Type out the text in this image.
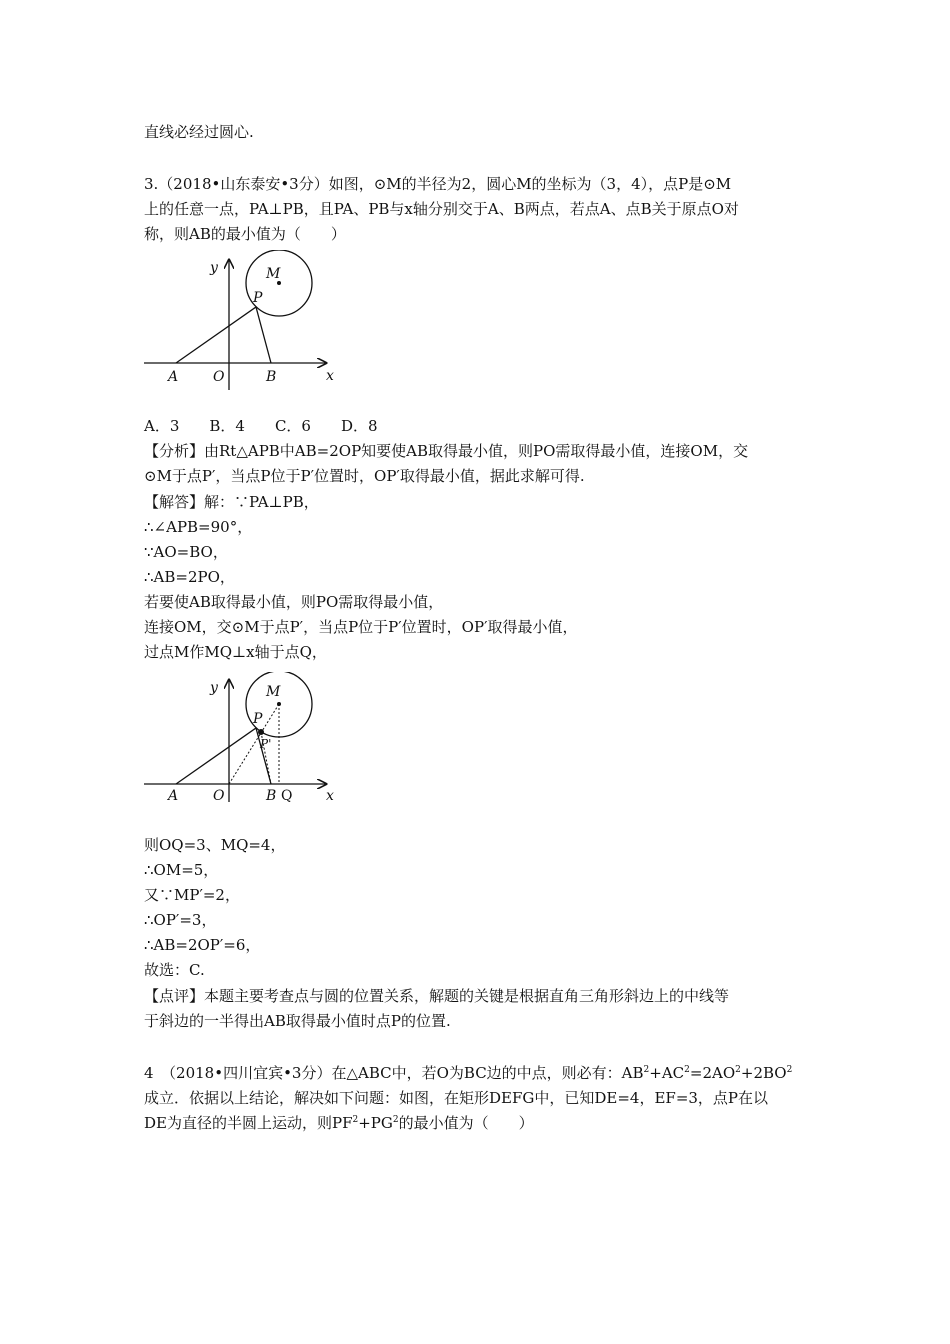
直线必经过圆心.
3.（2018•山东泰安•3分）如图，⊙M的半径为2，圆心M的坐标为（3，4），点P是⊙M
上的任意一点，PA⊥PB，且PA、PB与x轴分别交于A、B两点，若点A、点B关于原点O对
称，则AB的最小值为（　　）
y
x
M
P
A O	B
A．3　　B．4　　C．6　　D．8
【分析】由Rt△APB中AB=2OP知要使AB取得最小值，则PO需取得最小值，连接OM，交
⊙M于点P′，当点P位于P′位置时，OP′取得最小值，据此求解可得.
【解答】解：∵PA⊥PB，
∴∠APB=90°，
∵AO=BO，
∴AB=2PO，
若要使AB取得最小值，则PO需取得最小值，
连接OM，交⊙M于点P′，当点P位于P′位置时，OP′取得最小值，
过点M作MQ⊥x轴于点Q，
y
x
M
P
P'
A O	B Q
则OQ=3、MQ=4，
∴OM=5，
又∵MP′=2，
∴OP′=3，
∴AB=2OP′=6，
故选：C.
【点评】本题主要考查点与圆的位置关系，解题的关键是根据直角三角形斜边上的中线等
于斜边的一半得出AB取得最小值时点P的位置.
4　（2018•四川宜宾•3分）在△ABC中，若O为BC边的中点，则必有：$AB^2+AC^2=2AO^2+2BO^2$
成立．依据以上结论，解决如下问题：如图，在矩形DEFG中，已知DE=4，EF=3，点P在以
DE为直径的半圆上运动，则$PF^2+PG^2$的最小值为（　　）
